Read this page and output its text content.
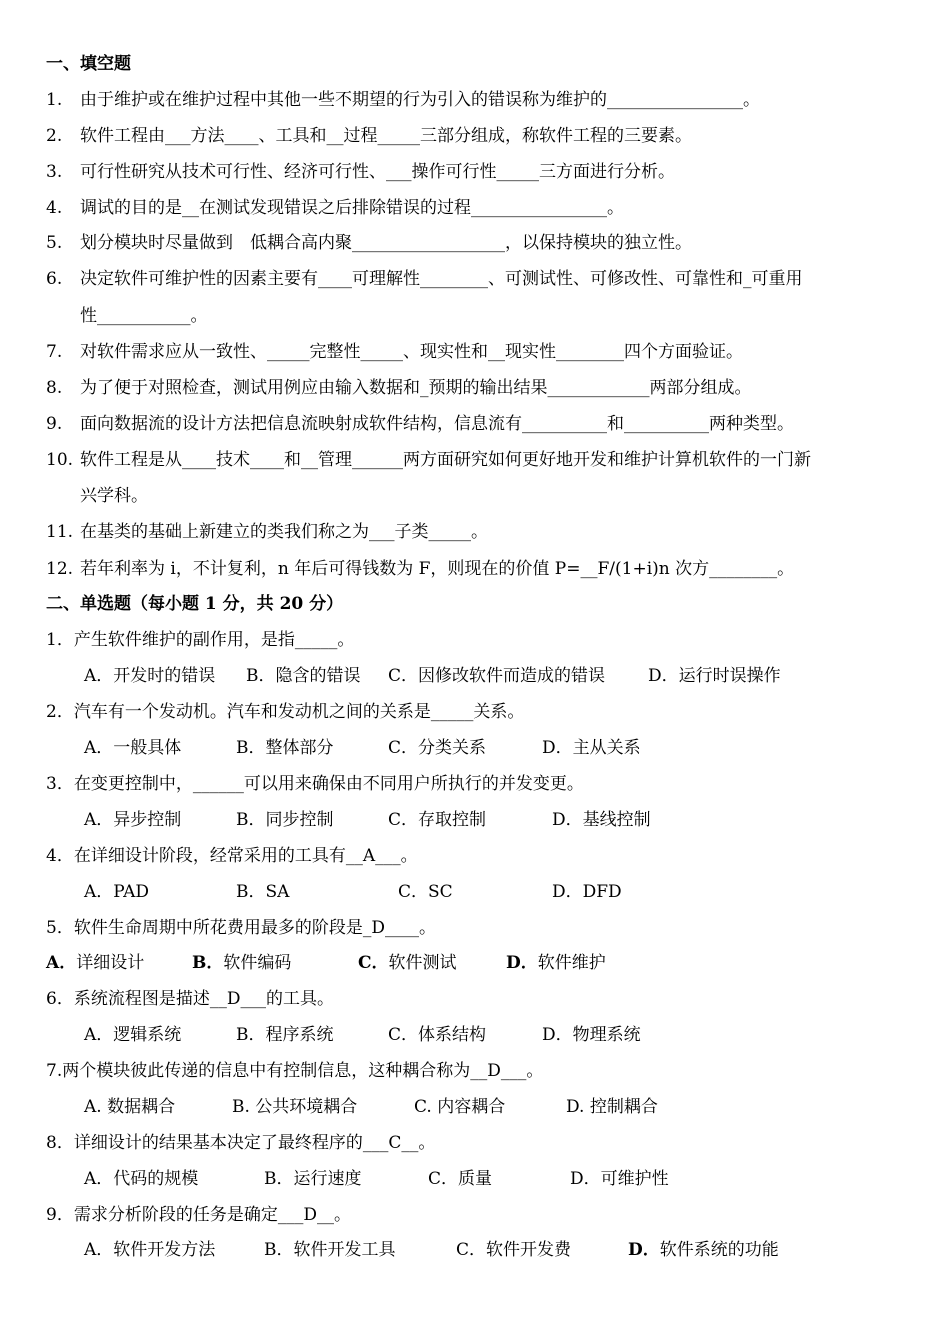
一、填空题
1. 由于维护或在维护过程中其他一些不期望的行为引入的错误称为维护的________________。
2. 软件工程由___方法____、工具和__过程_____三部分组成，称软件工程的三要素。
3. 可行性研究从技术可行性、经济可行性、___操作可行性_____三方面进行分析。
4. 调试的目的是__在测试发现错误之后排除错误的过程________________。
5. 划分模块时尽量做到　低耦合高内聚__________________，以保持模块的独立性。
6. 决定软件可维护性的因素主要有____可理解性________、可测试性、可修改性、可靠性和_可重用
性___________。
7. 对软件需求应从一致性、_____完整性_____、现实性和__现实性________四个方面验证。
8. 为了便于对照检查，测试用例应由输入数据和_预期的输出结果____________两部分组成。
9. 面向数据流的设计方法把信息流映射成软件结构，信息流有__________和__________两种类型。
10. 软件工程是从____技术____和__管理______两方面研究如何更好地开发和维护计算机软件的一门新
兴学科。
11. 在基类的基础上新建立的类我们称之为___子类_____。
12. 若年利率为 i，不计复利，n 年后可得钱数为 F，则现在的价值 P=__F/(1+i)n 次方________。
二、单选题（每小题 1 分，共 20 分）
1．产生软件维护的副作用，是指_____。
A．开发时的错误 B．隐含的错误 C．因修改软件而造成的错误	D．运行时误操作
2．汽车有一个发动机。汽车和发动机之间的关系是_____关系。
A．一般具体	B．整体部分	C．分类关系	D．主从关系
3．在变更控制中，______可以用来确保由不同用户所执行的并发变更。
A．异步控制	B．同步控制	C．存取控制	D．基线控制
4．在详细设计阶段，经常采用的工具有__A___。
A．PAD	B．SA	C．SC	D．DFD
5．软件生命周期中所花费用最多的阶段是_D____。
A．详细设计	B．软件编码	C．软件测试	D．软件维护
6．系统流程图是描述__D___的工具。
A．逻辑系统	B．程序系统	C．体系结构	D．物理系统
7.两个模块彼此传递的信息中有控制信息，这种耦合称为__D___。
A. 数据耦合	B. 公共环境耦合	C. 内容耦合	D. 控制耦合
8．详细设计的结果基本决定了最终程序的___C__。
A．代码的规模	B．运行速度	C．质量	D．可维护性
9．需求分析阶段的任务是确定___D__。
A．软件开发方法	B．软件开发工具	C．软件开发费	D．软件系统的功能
